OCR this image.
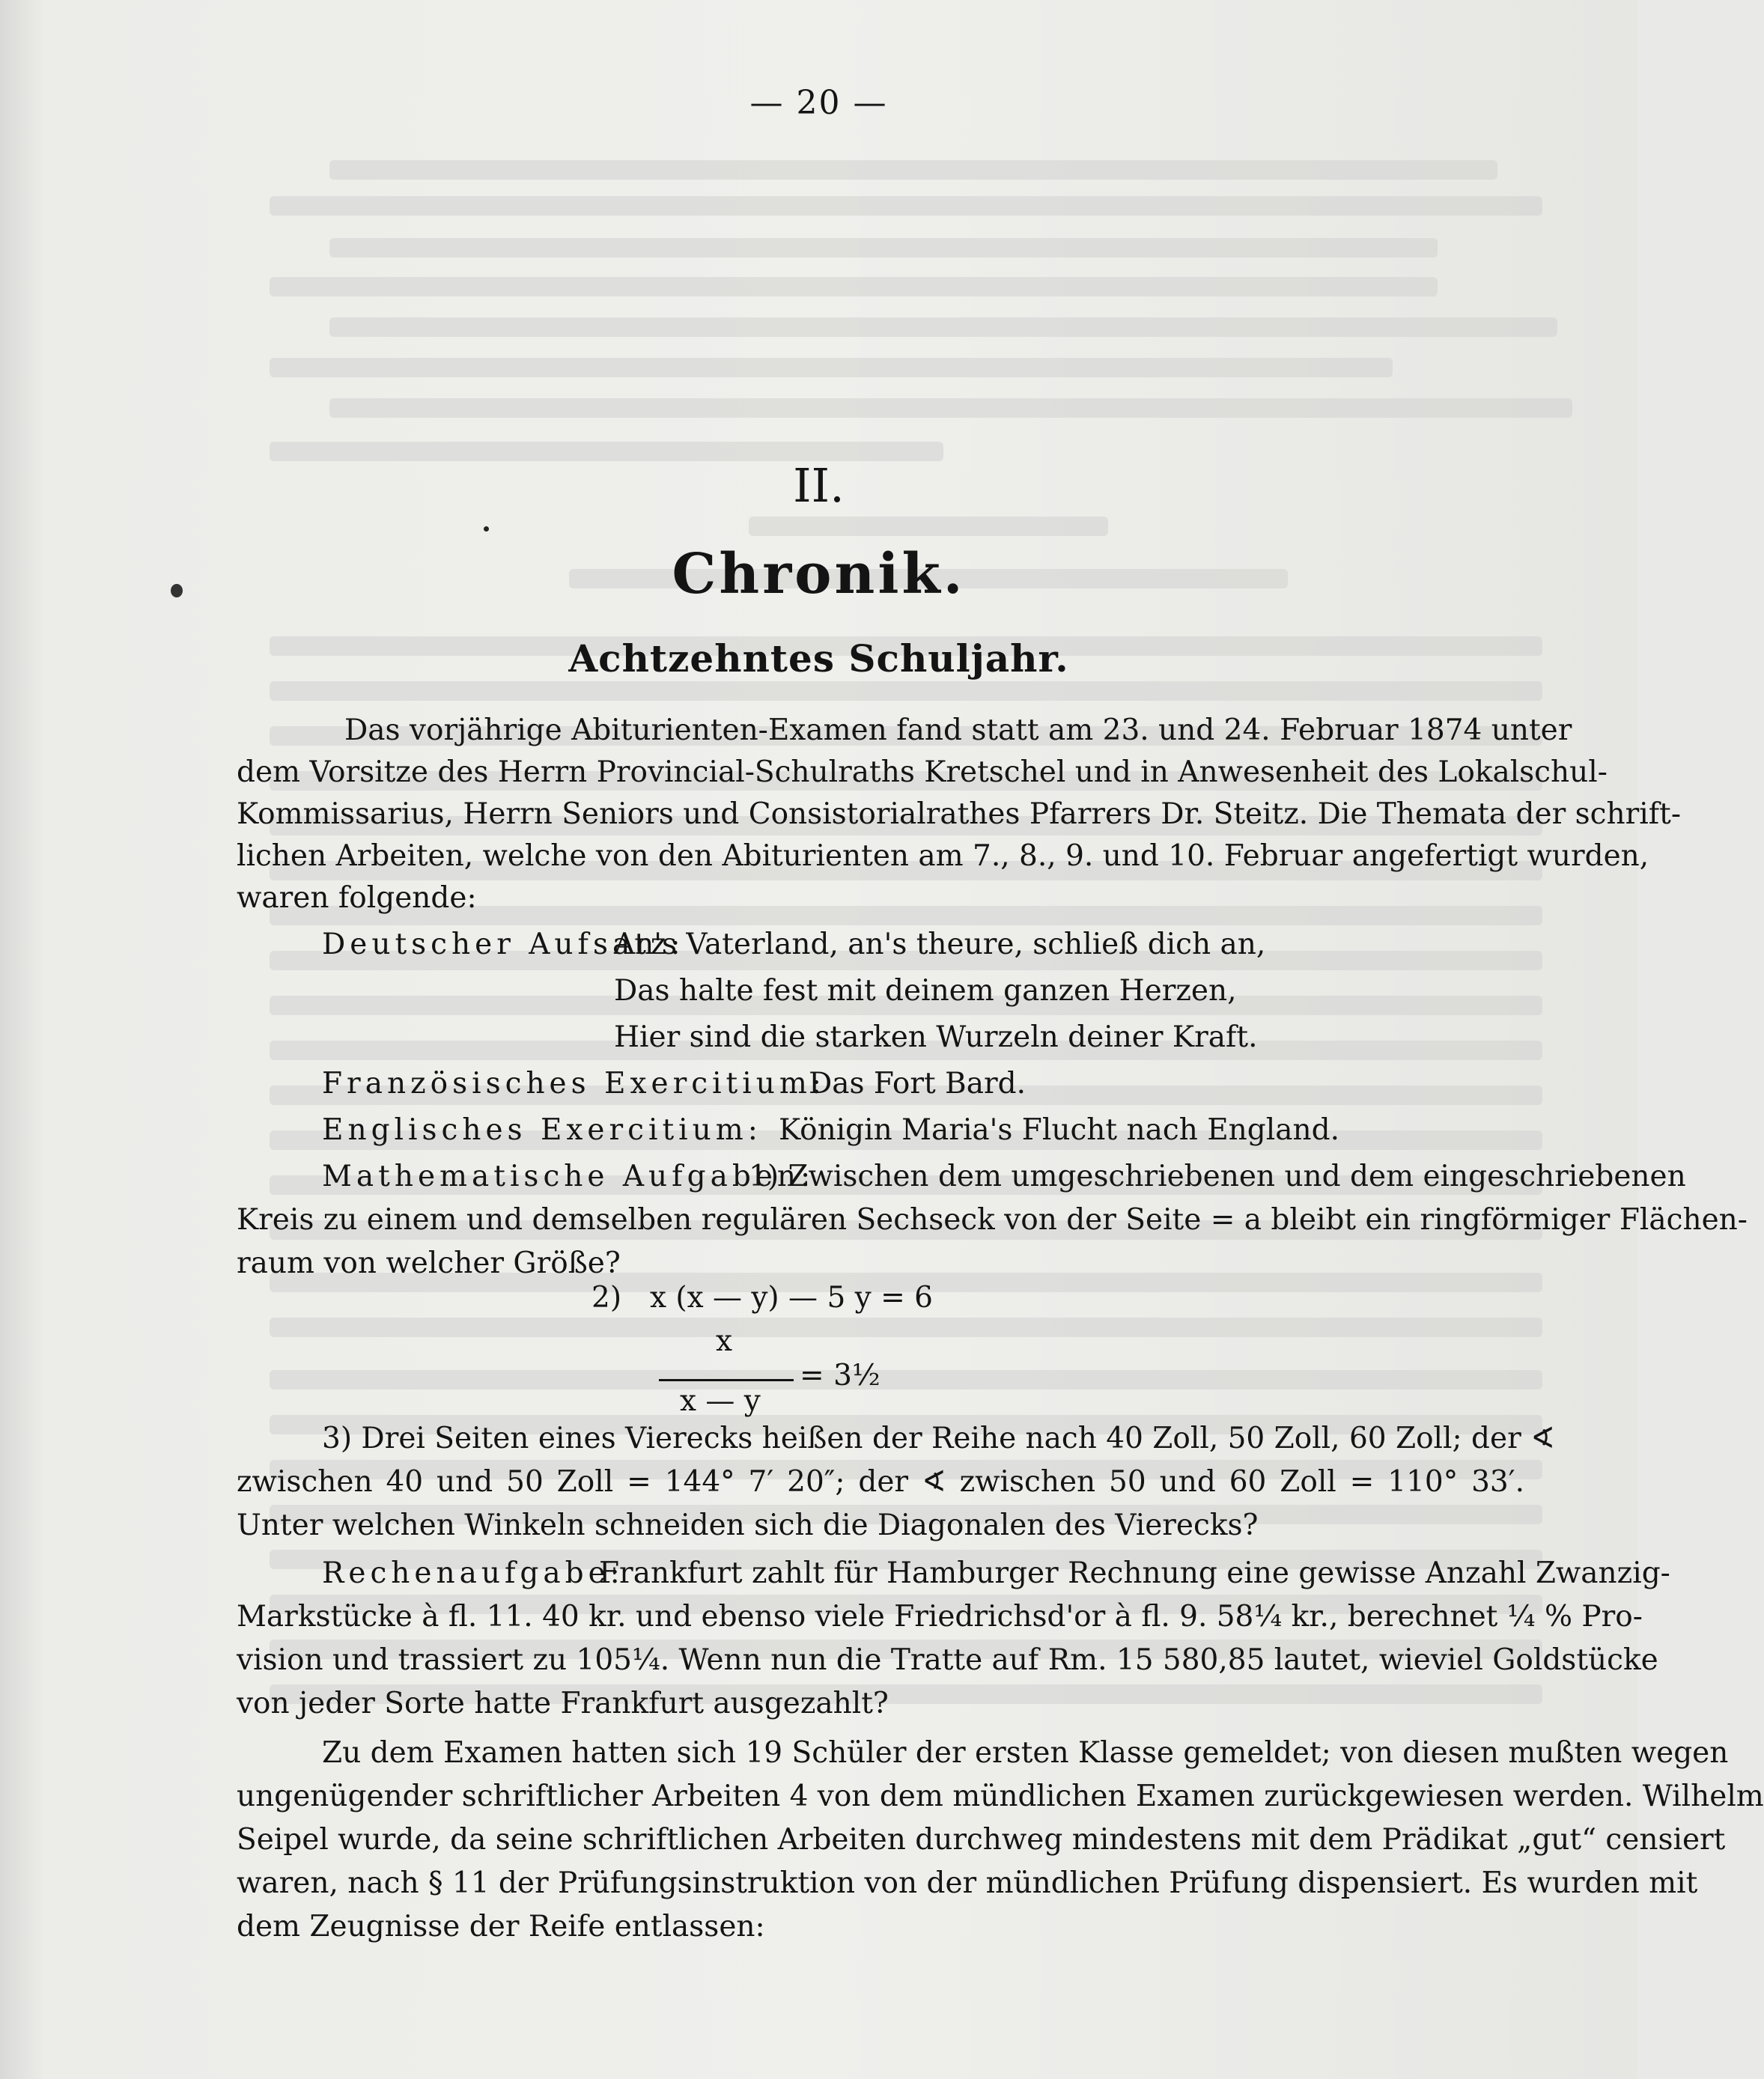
— 20 —
II.
Chronik.
Achtzehntes Schuljahr.
Das vorjährige Abiturienten-Examen fand statt am 23. und 24. Februar 1874 unter
dem Vorsitze des Herrn Provincial-Schulraths Kretschel und in Anwesenheit des Lokalschul-
Kommissarius, Herrn Seniors und Consistorialrathes Pfarrers Dr. Steitz. Die Themata der schrift-
lichen Arbeiten, welche von den Abiturienten am 7., 8., 9. und 10. Februar angefertigt wurden,
waren folgende:
Deutscher Aufsatz:
An's Vaterland, an's theure, schließ dich an,
Das halte fest mit deinem ganzen Herzen,
Hier sind die starken Wurzeln deiner Kraft.
Französisches Exercitium:
Das Fort Bard.
Englisches Exercitium: Königin Maria's Flucht nach England.
Mathematische Aufgaben:
1) Zwischen dem umgeschriebenen und dem eingeschriebenen
Kreis zu einem und demselben regulären Sechseck von der Seite = a bleibt ein ringförmiger Flächen-
raum von welcher Größe?
2) x (x — y) — 5 y = 6
x
= 3½
x — y
3) Drei Seiten eines Vierecks heißen der Reihe nach 40 Zoll, 50 Zoll, 60 Zoll; der ∢
zwischen 40 und 50 Zoll = 144° 7′ 20″; der ∢ zwischen 50 und 60 Zoll = 110° 33′.
Unter welchen Winkeln schneiden sich die Diagonalen des Vierecks?
Rechenaufgabe:
Frankfurt zahlt für Hamburger Rechnung eine gewisse Anzahl Zwanzig-
Markstücke à fl. 11. 40 kr. und ebenso viele Friedrichsd'or à fl. 9. 58¼ kr., berechnet ¼ % Pro-
vision und trassiert zu 105¼. Wenn nun die Tratte auf Rm. 15 580,85 lautet, wieviel Goldstücke
von jeder Sorte hatte Frankfurt ausgezahlt?
Zu dem Examen hatten sich 19 Schüler der ersten Klasse gemeldet; von diesen mußten wegen
ungenügender schriftlicher Arbeiten 4 von dem mündlichen Examen zurückgewiesen werden. Wilhelm
Seipel wurde, da seine schriftlichen Arbeiten durchweg mindestens mit dem Prädikat „gut“ censiert
waren, nach § 11 der Prüfungsinstruktion von der mündlichen Prüfung dispensiert. Es wurden mit
dem Zeugnisse der Reife entlassen:
